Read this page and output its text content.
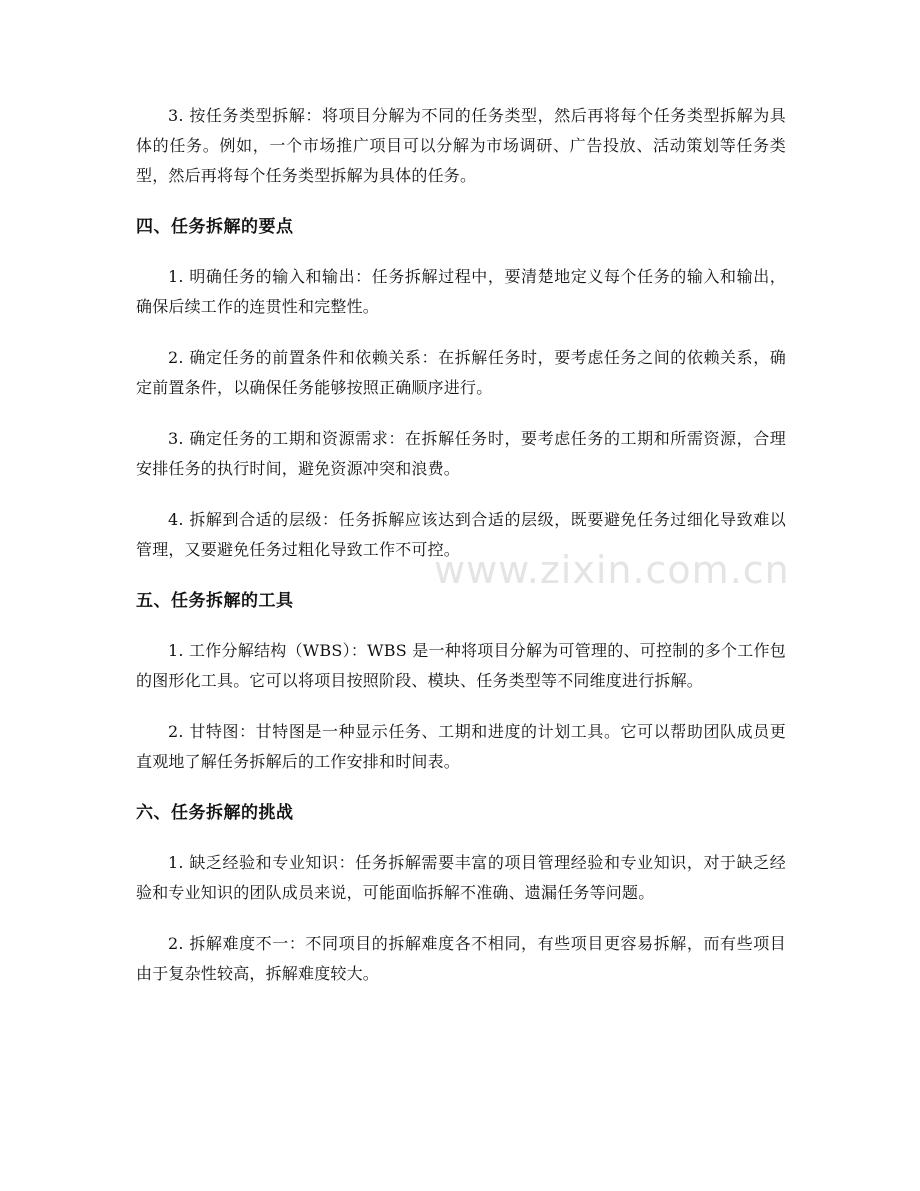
3. 按任务类型拆解：将项目分解为不同的任务类型，然后再将每个任务类型拆解为具体的任务。例如，一个市场推广项目可以分解为市场调研、广告投放、活动策划等任务类型，然后再将每个任务类型拆解为具体的任务。

四、任务拆解的要点

1. 明确任务的输入和输出：任务拆解过程中，要清楚地定义每个任务的输入和输出，确保后续工作的连贯性和完整性。

2. 确定任务的前置条件和依赖关系：在拆解任务时，要考虑任务之间的依赖关系，确定前置条件，以确保任务能够按照正确顺序进行。

3. 确定任务的工期和资源需求：在拆解任务时，要考虑任务的工期和所需资源，合理安排任务的执行时间，避免资源冲突和浪费。

4. 拆解到合适的层级：任务拆解应该达到合适的层级，既要避免任务过细化导致难以管理，又要避免任务过粗化导致工作不可控。

五、任务拆解的工具

1. 工作分解结构（WBS）：WBS 是一种将项目分解为可管理的、可控制的多个工作包的图形化工具。它可以将项目按照阶段、模块、任务类型等不同维度进行拆解。

2. 甘特图：甘特图是一种显示任务、工期和进度的计划工具。它可以帮助团队成员更直观地了解任务拆解后的工作安排和时间表。

六、任务拆解的挑战

1. 缺乏经验和专业知识：任务拆解需要丰富的项目管理经验和专业知识，对于缺乏经验和专业知识的团队成员来说，可能面临拆解不准确、遗漏任务等问题。

2. 拆解难度不一：不同项目的拆解难度各不相同，有些项目更容易拆解，而有些项目由于复杂性较高，拆解难度较大。

www.zixin.com.cn
